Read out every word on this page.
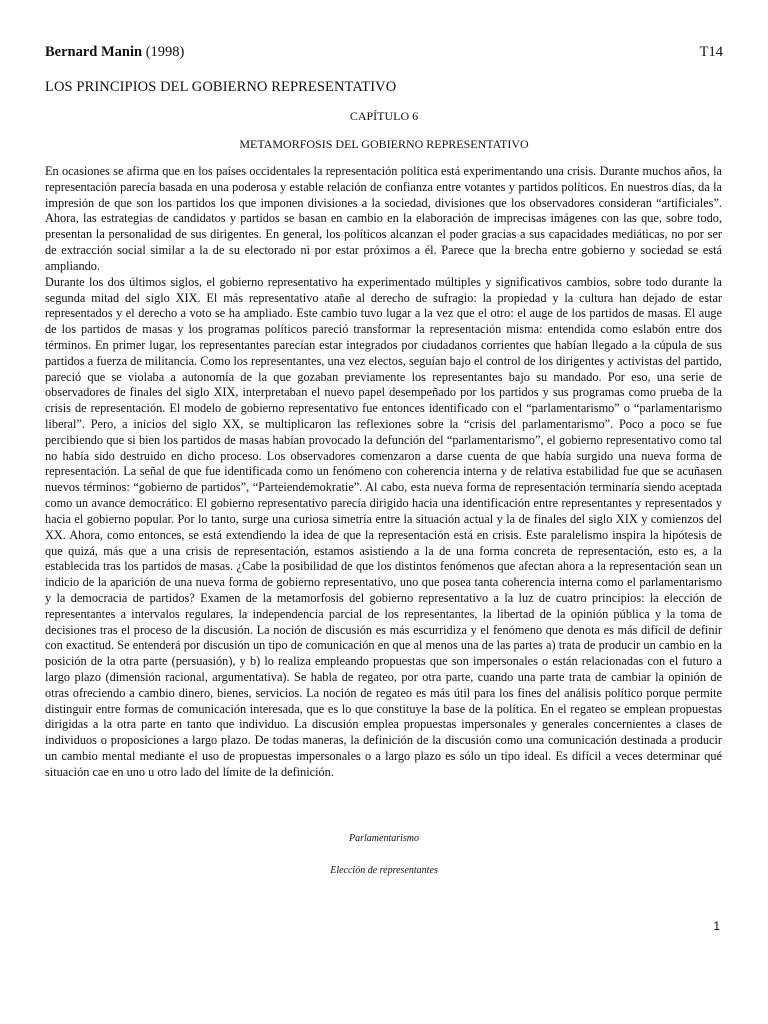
Bernard Manin (1998)	T14
LOS PRINCIPIOS DEL GOBIERNO REPRESENTATIVO
CAPÍTULO 6
METAMORFOSIS DEL GOBIERNO REPRESENTATIVO

En ocasiones se afirma que en los países occidentales la representación política está experimentando una crisis. Durante muchos años, la representación parecía basada en una poderosa y estable relación de confianza entre votantes y partidos políticos. En nuestros días, da la impresión de que son los partidos los que imponen divisiones a la sociedad, divisiones que los observadores consideran “artificiales”. Ahora, las estrategias de candidatos y partidos se basan en cambio en la elaboración de imprecisas imágenes con las que, sobre todo, presentan la personalidad de sus dirigentes. En general, los políticos alcanzan el poder gracias a sus capacidades mediáticas, no por ser de extracción social similar a la de su electorado ni por estar próximos a él. Parece que la brecha entre gobierno y sociedad se está ampliando.

Durante los dos últimos siglos, el gobierno representativo ha experimentado múltiples y significativos cambios, sobre todo durante la segunda mitad del siglo XIX. El más representativo atañe al derecho de sufragio: la propiedad y la cultura han dejado de estar representados y el derecho a voto se ha ampliado. Este cambio tuvo lugar a la vez que el otro: el auge de los partidos de masas. El auge de los partidos de masas y los programas políticos pareció transformar la representación misma: entendida como eslabón entre dos términos. En primer lugar, los representantes parecían estar integrados por ciudadanos corrientes que habían llegado a la cúpula de sus partidos a fuerza de militancia. Como los representantes, una vez electos, seguían bajo el control de los dirigentes y activistas del partido, pareció que se violaba a autonomía de la que gozaban previamente los representantes bajo su mandado. Por eso, una serie de observadores de finales del siglo XIX, interpretaban el nuevo papel desempeñado por los partidos y sus programas como prueba de la crisis de representación. El modelo de gobierno representativo fue entonces identificado con el “parlamentarismo” o “parlamentarismo liberal”. Pero, a inicios del siglo XX, se multiplicaron las reflexiones sobre la “crisis del parlamentarismo”. Poco a poco se fue percibiendo que si bien los partidos de masas habían provocado la defunción del “parlamentarismo”, el gobierno representativo como tal no había sido destruido en dicho proceso. Los observadores comenzaron a darse cuenta de que había surgido una nueva forma de representación. La señal de que fue identificada como un fenómeno con coherencia interna y de relativa estabilidad fue que se acuñasen nuevos términos: “gobierno de partidos”, “Parteiendemokratie”. Al cabo, esta nueva forma de representación terminaría siendo aceptada como un avance democrático. El gobierno representativo parecía dirigido hacia una identificación entre representantes y representados y hacia el gobierno popular. Por lo tanto, surge una curiosa simetría entre la situación actual y la de finales del siglo XIX y comienzos del XX. Ahora, como entonces, se está extendiendo la idea de que la representación está en crisis. Este paralelismo inspira la hipótesis de que quizá, más que a una crisis de representación, estamos asistiendo a la de una forma concreta de representación, esto es, a la establecida tras los partidos de masas. ¿Cabe la posibilidad de que los distintos fenómenos que afectan ahora a la representación sean un indicio de la aparición de una nueva forma de gobierno representativo, uno que posea tanta coherencia interna como el parlamentarismo y la democracia de partidos? Examen de la metamorfosis del gobierno representativo a la luz de cuatro principios: la elección de representantes a intervalos regulares, la independencia parcial de los representantes, la libertad de la opinión pública y la toma de decisiones tras el proceso de la discusión. La noción de discusión es más escurridiza y el fenómeno que denota es más difícil de definir con exactitud. Se entenderá por discusión un tipo de comunicación en que al menos una de las partes a) trata de producir un cambio en la posición de la otra parte (persuasión), y b) lo realiza empleando propuestas que son impersonales o están relacionadas con el futuro a largo plazo (dimensión racional, argumentativa). Se habla de regateo, por otra parte, cuando una parte trata de cambiar la opinión de otras ofreciendo a cambio dinero, bienes, servicios. La noción de regateo es más útil para los fines del análisis político porque permite distinguir entre formas de comunicación interesada, que es lo que constituye la base de la política. En el regateo se emplean propuestas dirigidas a la otra parte en tanto que individuo. La discusión emplea propuestas impersonales y generales concernientes a clases de individuos o proposiciones a largo plazo. De todas maneras, la definición de la discusión como una comunicación destinada a producir un cambio mental mediante el uso de propuestas impersonales o a largo plazo es sólo un tipo ideal. Es difícil a veces determinar qué situación cae en uno u otro lado del límite de la definición.

Parlamentarismo
Elección de representantes
1
